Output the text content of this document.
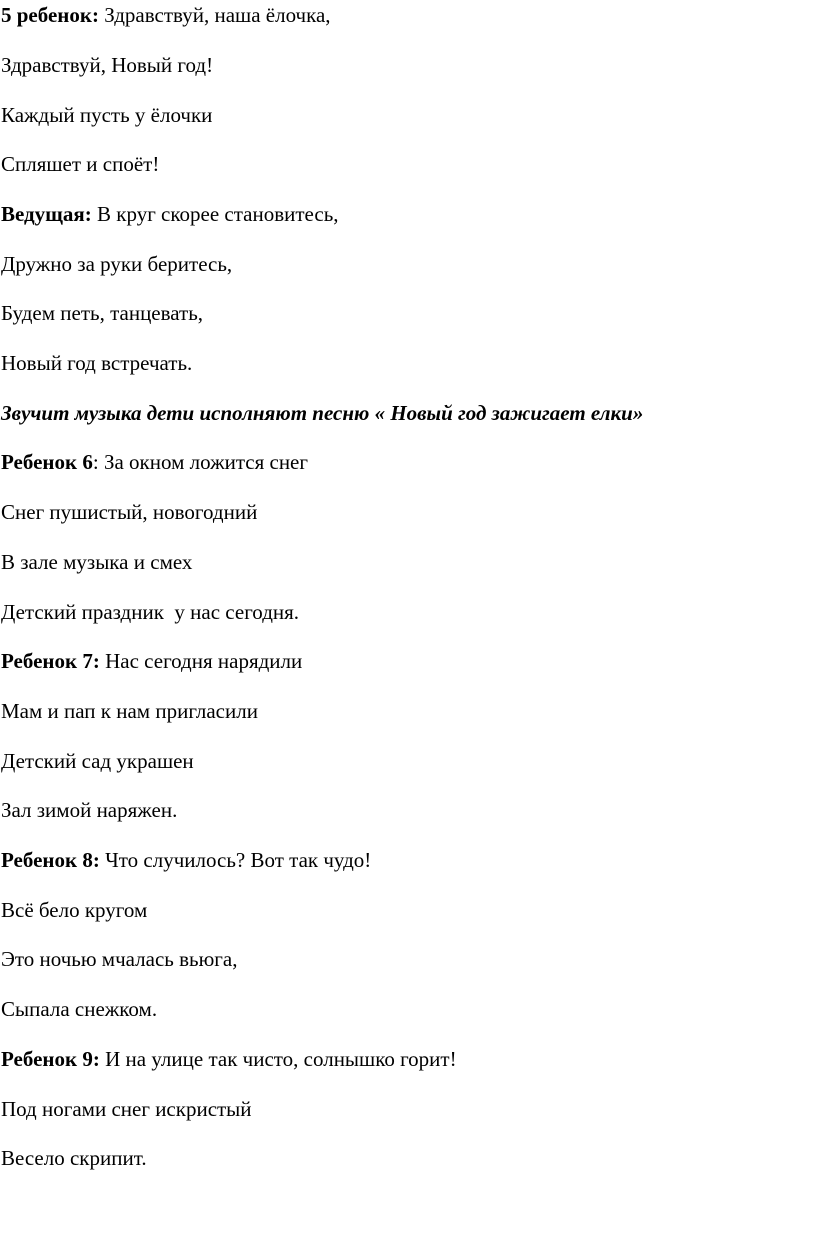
5 ребенок: Здравствуй, наша ёлочка,

Здравствуй, Новый год!

Каждый пусть у ёлочки

Спляшет и споёт!

Ведущая: В круг скорее становитесь,

Дружно за руки беритесь,

Будем петь, танцевать,

Новый год встречать.

Звучит музыка дети исполняют песню « Новый год зажигает елки»

Ребенок 6: За окном ложится снег

Снег пушистый, новогодний

В зале музыка и смех

Детский праздник  у нас сегодня.

Ребенок 7: Нас сегодня нарядили

Мам и пап к нам пригласили

Детский сад украшен

Зал зимой наряжен.

Ребенок 8: Что случилось? Вот так чудо!

Всё бело кругом

Это ночью мчалась вьюга,

Сыпала снежком.

Ребенок 9: И на улице так чисто, солнышко горит!

Под ногами снег искристый

Весело скрипит.
